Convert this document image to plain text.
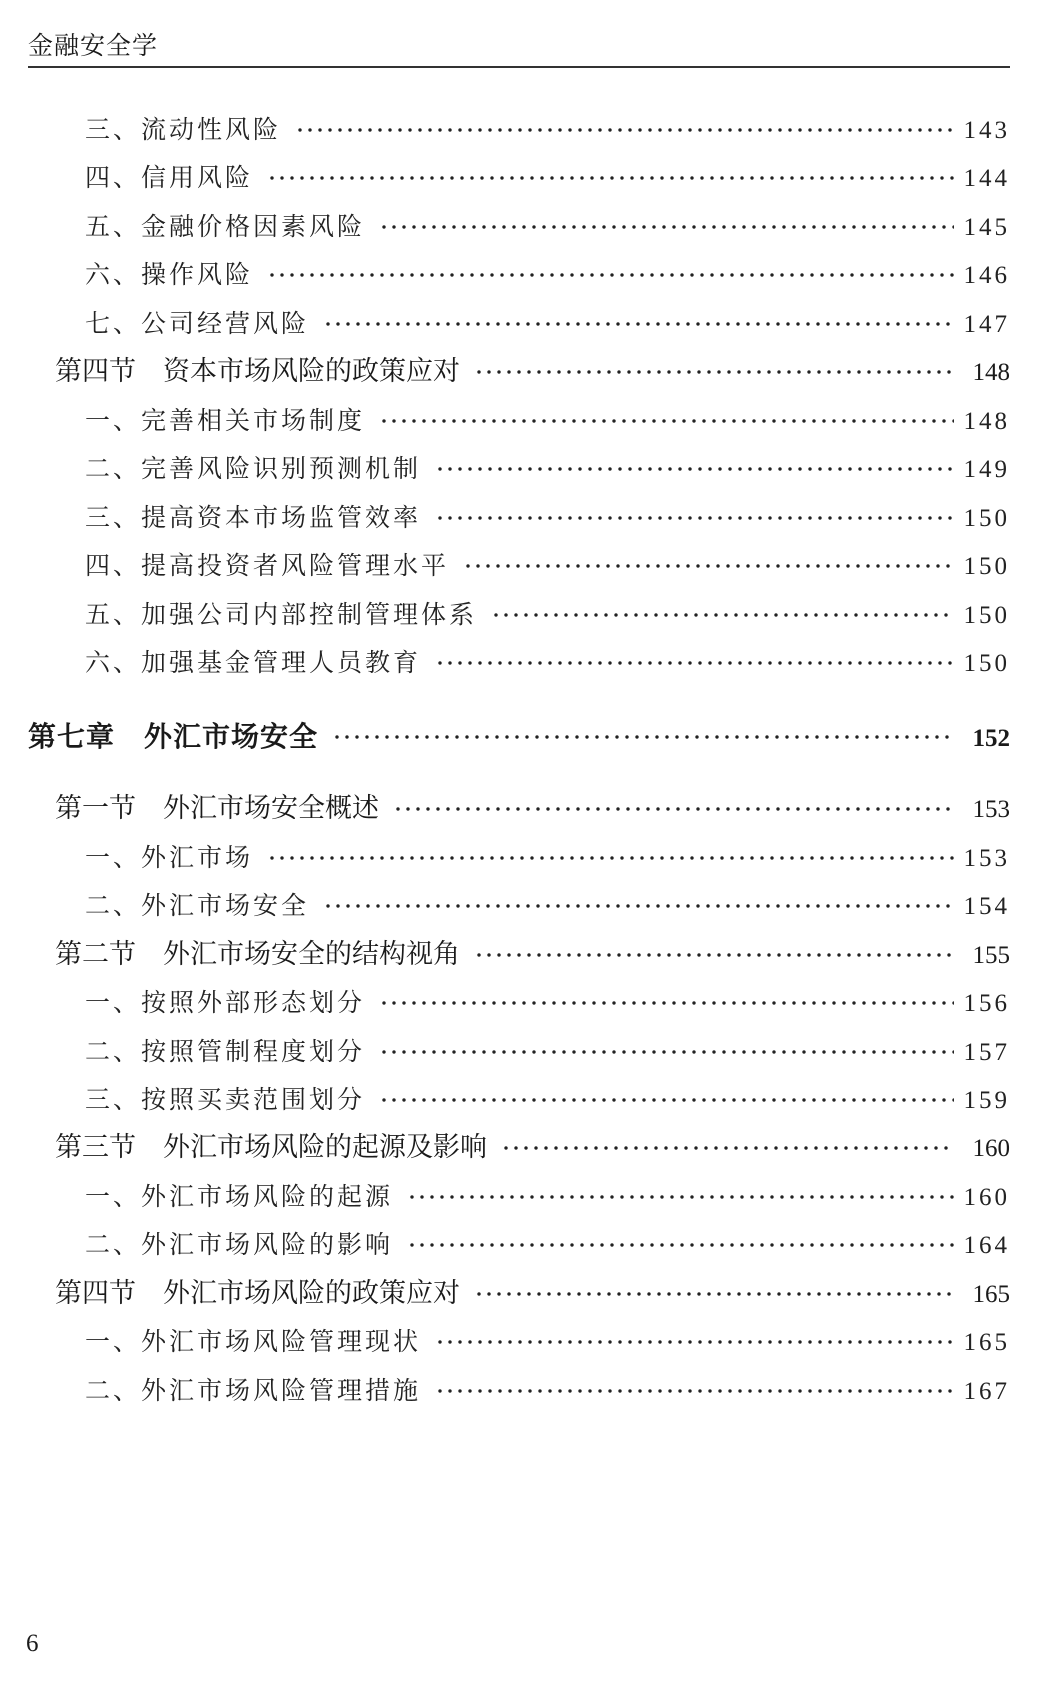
金融安全学
三、流动性风险	143
四、信用风险	144
五、金融价格因素风险	145
六、操作风险	146
七、公司经营风险	147
第四节　资本市场风险的政策应对	148
一、完善相关市场制度	148
二、完善风险识别预测机制	149
三、提高资本市场监管效率	150
四、提高投资者风险管理水平	150
五、加强公司内部控制管理体系	150
六、加强基金管理人员教育	150
第七章　外汇市场安全	152
第一节　外汇市场安全概述	153
一、外汇市场	153
二、外汇市场安全	154
第二节　外汇市场安全的结构视角	155
一、按照外部形态划分	156
二、按照管制程度划分	157
三、按照买卖范围划分	159
第三节　外汇市场风险的起源及影响	160
一、外汇市场风险的起源	160
二、外汇市场风险的影响	164
第四节　外汇市场风险的政策应对	165
一、外汇市场风险管理现状	165
二、外汇市场风险管理措施	167
6
